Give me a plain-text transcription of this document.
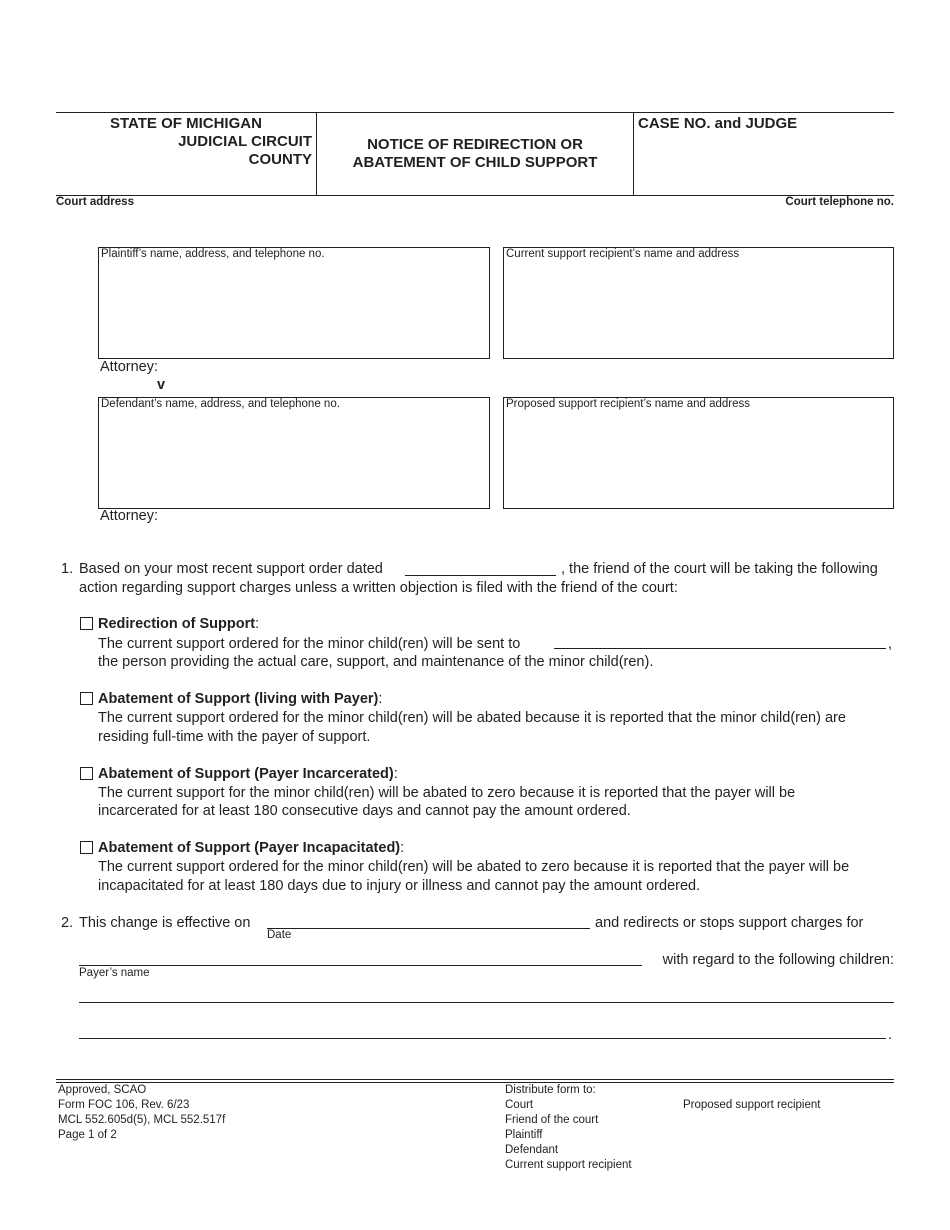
STATE OF MICHIGAN
JUDICIAL CIRCUIT
COUNTY
NOTICE OF REDIRECTION OR
ABATEMENT OF CHILD SUPPORT
CASE NO. and JUDGE
Court address	Court telephone no.
Plaintiff’s name, address, and telephone no.	Current support recipient’s name and address
Attorney:
v
Defendant’s name, address, and telephone no.	Proposed support recipient’s name and address
Attorney:
1. Based on your most recent support order dated	, the friend of the court will be taking the following
action regarding support charges unless a written objection is filed with the friend of the court:
Redirection of Support:
The current support ordered for the minor child(ren) will be sent to	,
the person providing the actual care, support, and maintenance of the minor child(ren).
Abatement of Support (living with Payer):
The current support ordered for the minor child(ren) will be abated because it is reported that the minor child(ren) are
residing full-time with the payer of support.
Abatement of Support (Payer Incarcerated):
The current support for the minor child(ren) will be abated to zero because it is reported that the payer will be
incarcerated for at least 180 consecutive days and cannot pay the amount ordered.
Abatement of Support (Payer Incapacitated):
The current support ordered for the minor child(ren) will be abated to zero because it is reported that the payer will be
incapacitated for at least 180 days due to injury or illness and cannot pay the amount ordered.
2. This change is effective on
Date
and redirects or stops support charges for
Payer’s name
with regard to the following children:
.
Approved, SCAO
Form FOC 106, Rev. 6/23
MCL 552.605d(5), MCL 552.517f
Page 1 of 2
Distribute form to:
Court
Friend of the court
Plaintiff
Defendant
Current support recipient
Proposed support recipient
